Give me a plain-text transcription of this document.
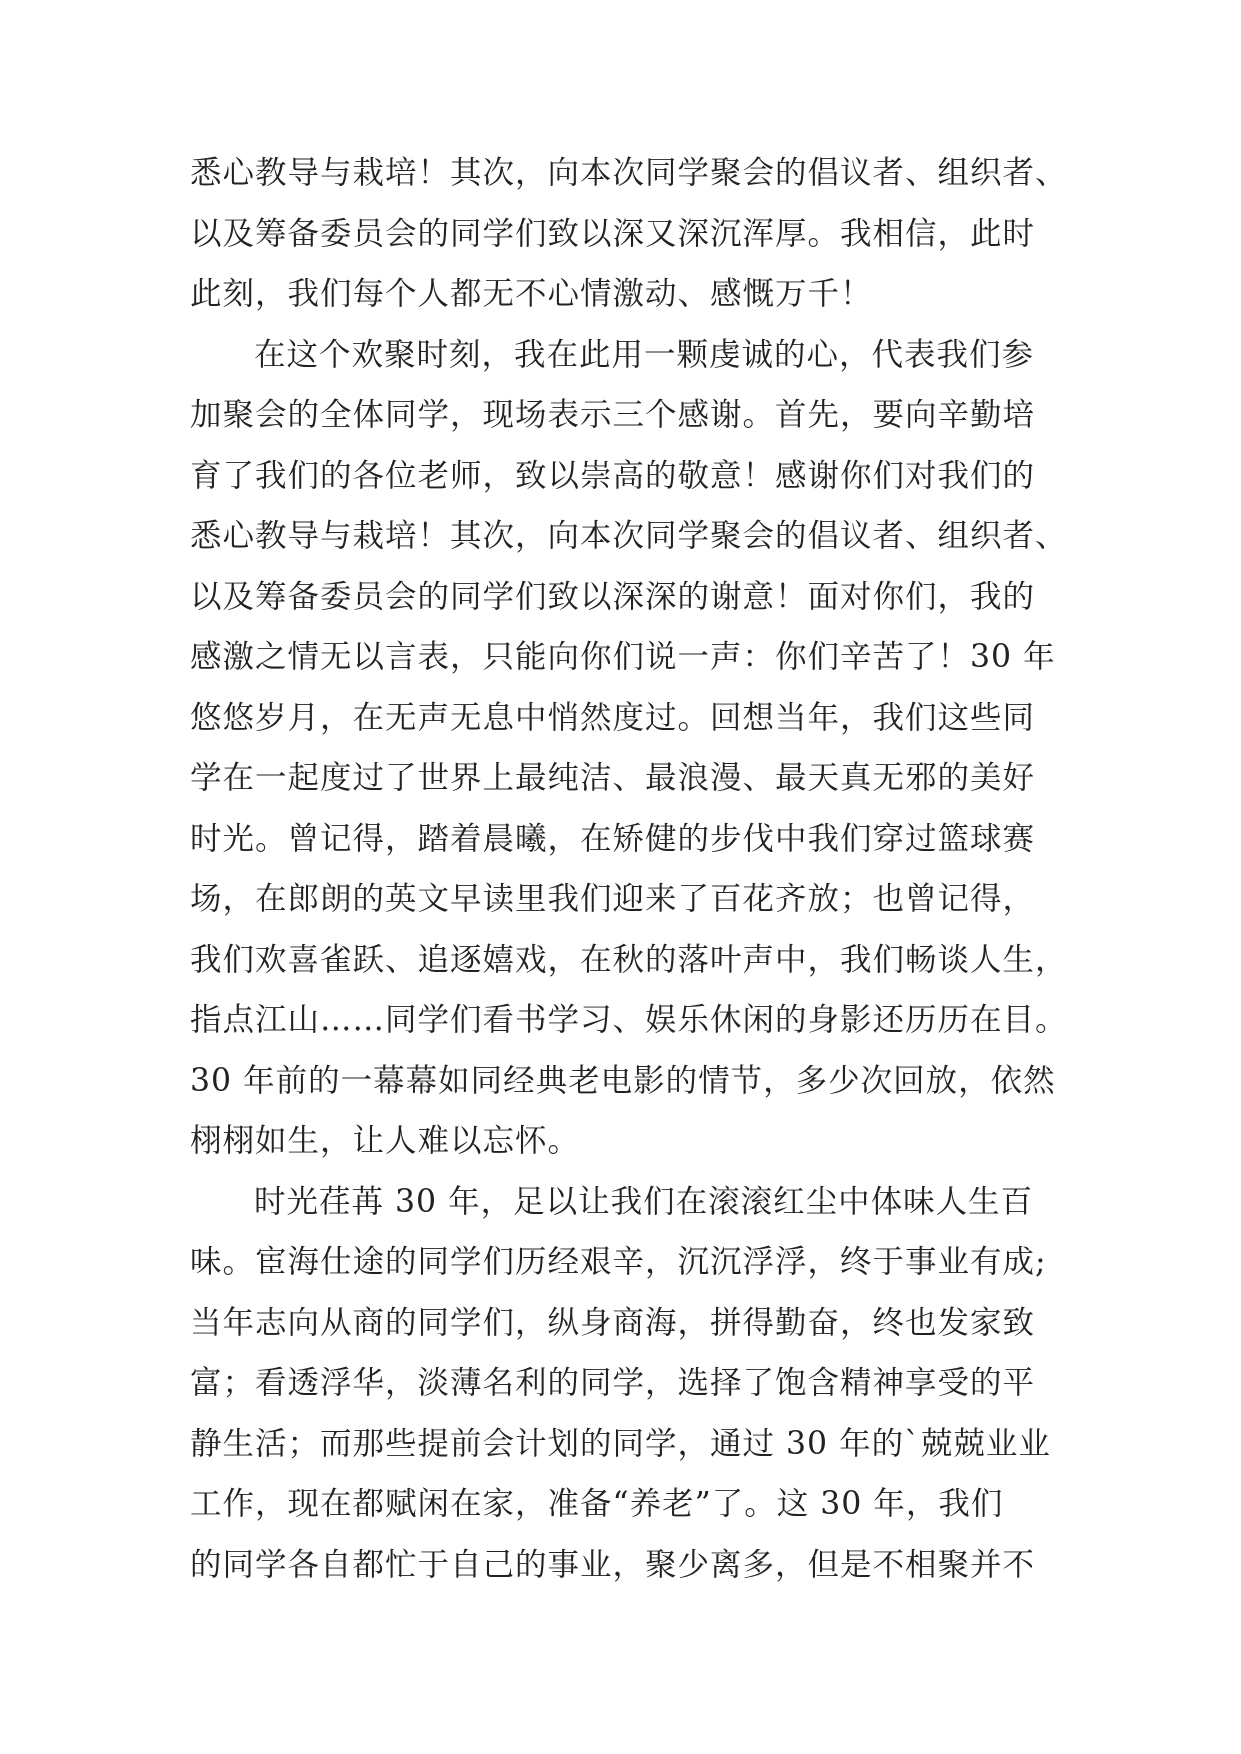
悉心教导与栽培！其次，向本次同学聚会的倡议者、组织者、
以及筹备委员会的同学们致以深又深沉浑厚。我相信，此时
此刻，我们每个人都无不心情激动、感慨万千！
在这个欢聚时刻，我在此用一颗虔诚的心，代表我们参
加聚会的全体同学，现场表示三个感谢。首先，要向辛勤培
育了我们的各位老师，致以崇高的敬意！感谢你们对我们的
悉心教导与栽培！其次，向本次同学聚会的倡议者、组织者、
以及筹备委员会的同学们致以深深的谢意！面对你们，我的
感激之情无以言表，只能向你们说一声：你们辛苦了！30 年
悠悠岁月，在无声无息中悄然度过。回想当年，我们这些同
学在一起度过了世界上最纯洁、最浪漫、最天真无邪的美好
时光。曾记得，踏着晨曦，在矫健的步伐中我们穿过篮球赛
场，在郎朗的英文早读里我们迎来了百花齐放；也曾记得，
我们欢喜雀跃、追逐嬉戏，在秋的落叶声中，我们畅谈人生，
指点江山……同学们看书学习、娱乐休闲的身影还历历在目。
30 年前的一幕幕如同经典老电影的情节，多少次回放，依然
栩栩如生，让人难以忘怀。
时光荏苒 30 年，足以让我们在滚滚红尘中体味人生百
味。宦海仕途的同学们历经艰辛，沉沉浮浮，终于事业有成;
当年志向从商的同学们，纵身商海，拼得勤奋，终也发家致
富；看透浮华，淡薄名利的同学，选择了饱含精神享受的平
静生活；而那些提前会计划的同学，通过 30 年的`兢兢业业
工作，现在都赋闲在家，准备“养老”了。这 30 年，我们
的同学各自都忙于自己的事业，聚少离多，但是不相聚并不
